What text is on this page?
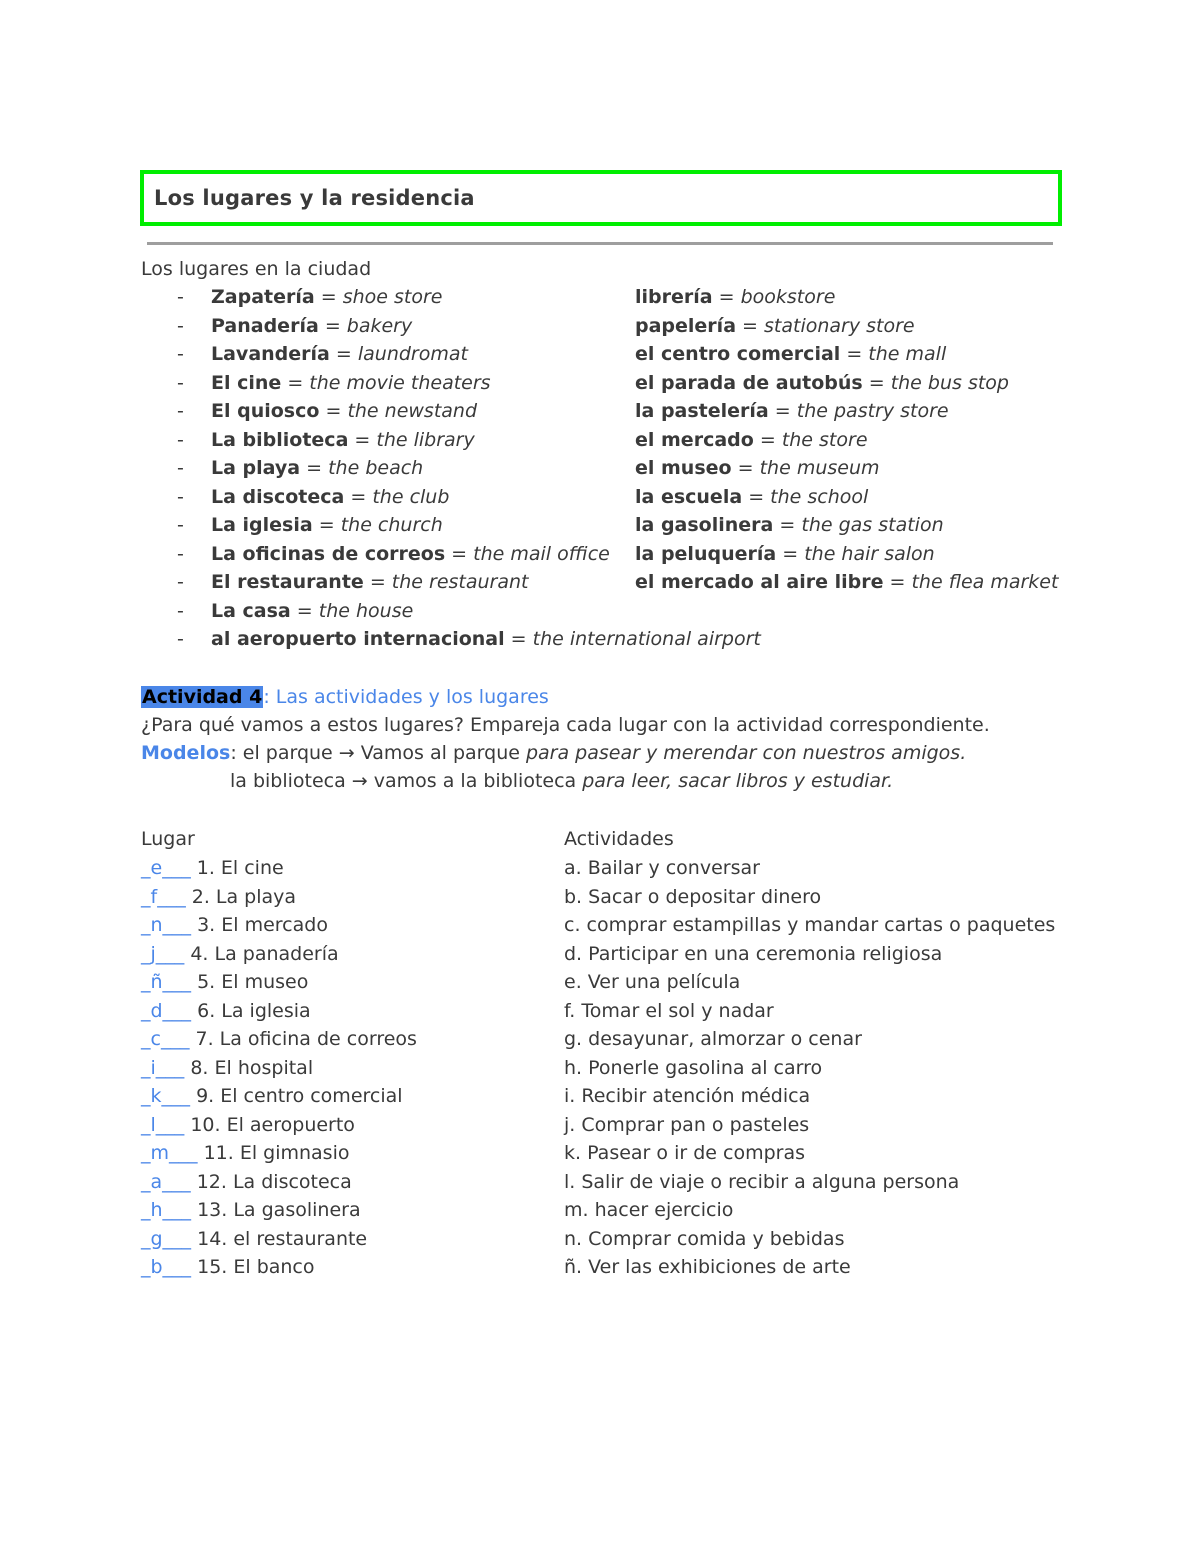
Los lugares y la residencia
Los lugares en la ciudad
- Zapatería = shoe store
- Panadería = bakery
- Lavandería = laundromat
- El cine = the movie theaters
- El quiosco = the newstand
- La biblioteca = the library
- La playa = the beach
- La discoteca = the club
- La iglesia = the church
- La oficinas de correos = the mail office
- El restaurante = the restaurant
- La casa = the house
- al aeropuerto internacional = the international airport
librería = bookstore
papelería = stationary store
el centro comercial = the mall
el parada de autobús = the bus stop
la pastelería = the pastry store
el mercado = the store
el museo = the museum
la escuela = the school
la gasolinera = the gas station
la peluquería = the hair salon
el mercado al aire libre = the flea market
Actividad 4: Las actividades y los lugares
¿Para qué vamos a estos lugares? Empareja cada lugar con la actividad correspondiente.
Modelos: el parque → Vamos al parque para pasear y merendar con nuestros amigos.
la biblioteca → vamos a la biblioteca para leer, sacar libros y estudiar.
Lugar	Actividades
_e___ 1. El cine
_f___ 2. La playa
_n___ 3. El mercado
_j___ 4. La panadería
_ñ___ 5. El museo
_d___ 6. La iglesia
_c___ 7. La oficina de correos
_i___ 8. El hospital
_k___ 9. El centro comercial
_l___ 10. El aeropuerto
_m___ 11. El gimnasio
_a___ 12. La discoteca
_h___ 13. La gasolinera
_g___ 14. el restaurante
_b___ 15. El banco
a. Bailar y conversar
b. Sacar o depositar dinero
c. comprar estampillas y mandar cartas o paquetes
d. Participar en una ceremonia religiosa
e. Ver una película
f. Tomar el sol y nadar
g. desayunar, almorzar o cenar
h. Ponerle gasolina al carro
i. Recibir atención médica
j. Comprar pan o pasteles
k. Pasear o ir de compras
l. Salir de viaje o recibir a alguna persona
m. hacer ejercicio
n. Comprar comida y bebidas
ñ. Ver las exhibiciones de arte
